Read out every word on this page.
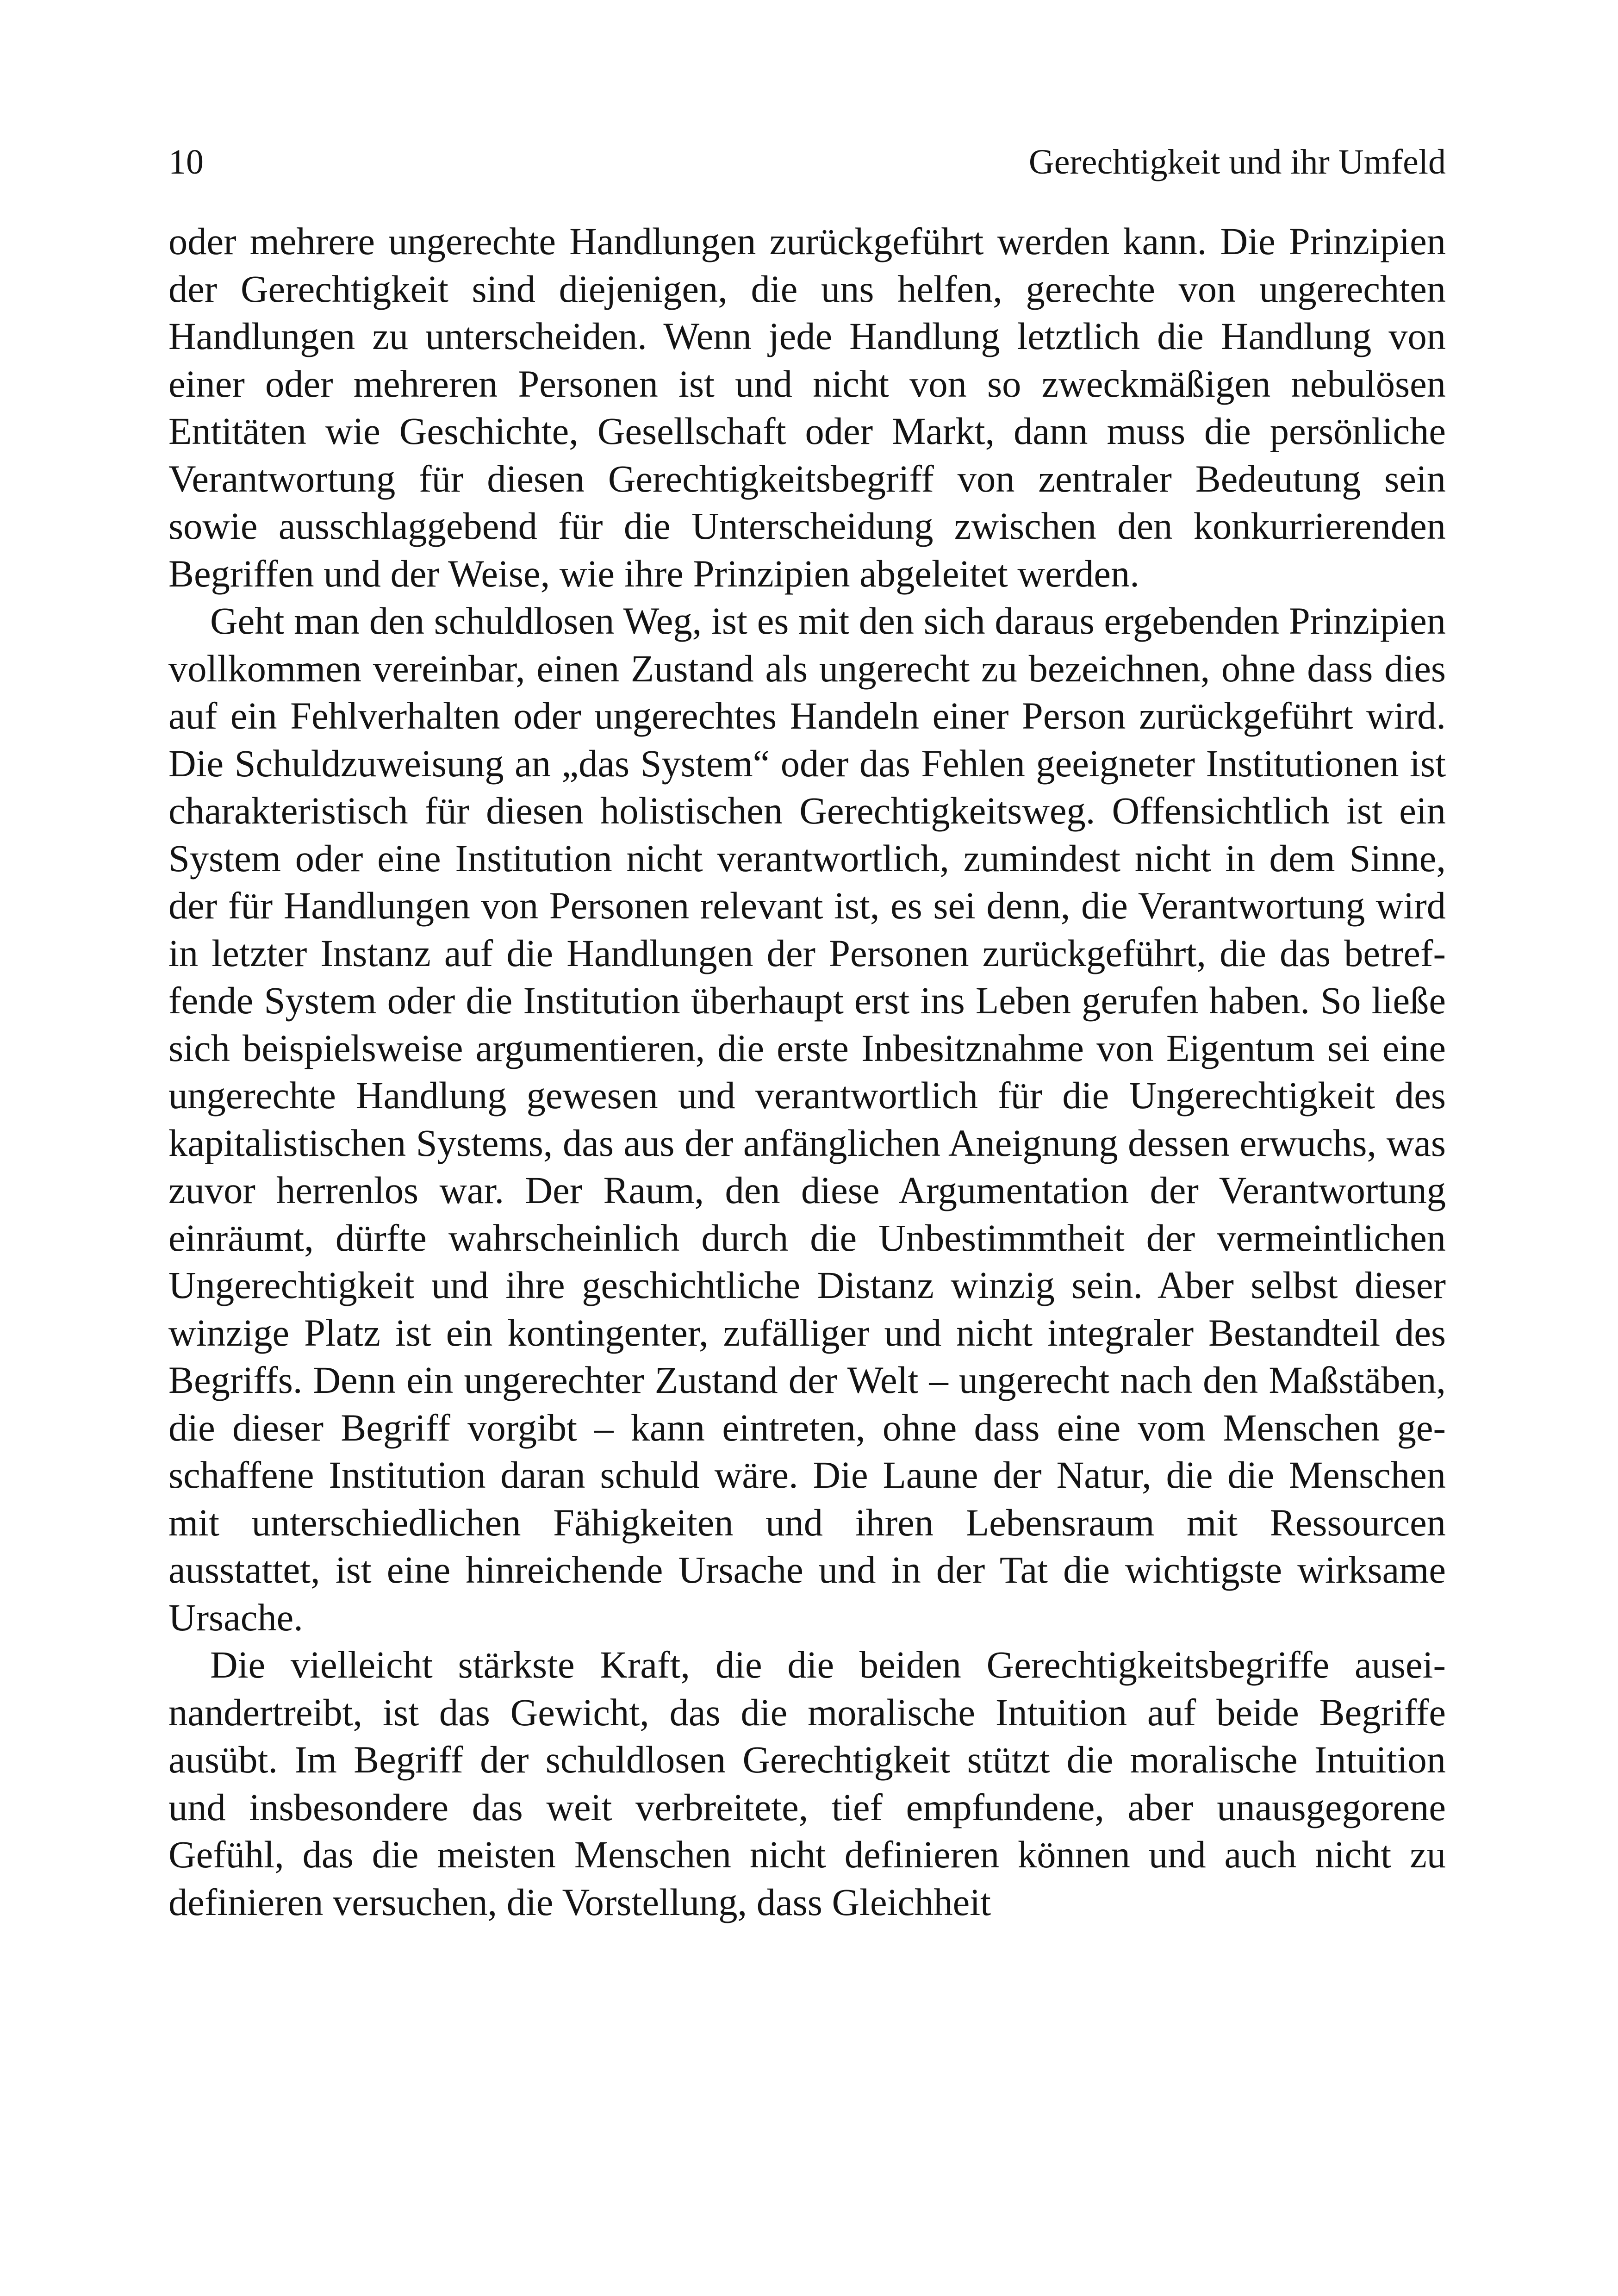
10	Gerechtigkeit und ihr Umfeld

oder mehrere ungerechte Handlungen zurückgeführt werden kann. Die Prinzipien der Gerechtigkeit sind diejenigen, die uns helfen, gerechte von ungerechten Handlungen zu unterscheiden. Wenn jede Handlung letztlich die Handlung von einer oder mehreren Personen ist und nicht von so zweckmäßigen nebulösen Entitäten wie Geschichte, Gesellschaft oder Markt, dann muss die persönliche Verantwortung für diesen Gerechtigkeitsbegriff von zentraler Bedeutung sein sowie ausschlaggebend für die Unterscheidung zwischen den konkurrierenden Begriffen und der Weise, wie ihre Prinzipien abgeleitet werden.

Geht man den schuldlosen Weg, ist es mit den sich daraus ergebenden Prinzipien vollkommen vereinbar, einen Zustand als ungerecht zu bezeichnen, ohne dass dies auf ein Fehlverhalten oder ungerechtes Handeln einer Person zurückgeführt wird. Die Schuldzuweisung an „das System“ oder das Fehlen geeigneter Institutionen ist charakteristisch für diesen holistischen Gerechtigkeitsweg. Offensichtlich ist ein System oder eine Institution nicht verantwortlich, zumindest nicht in dem Sinne, der für Handlungen von Personen relevant ist, es sei denn, die Verantwortung wird in letzter Instanz auf die Handlungen der Personen zurückgeführt, die das betreffende System oder die Institution überhaupt erst ins Leben gerufen haben. So ließe sich beispielsweise argumentieren, die erste Inbesitznahme von Eigentum sei eine ungerechte Handlung gewesen und verantwortlich für die Ungerechtigkeit des kapitalistischen Systems, das aus der anfänglichen Aneignung dessen erwuchs, was zuvor herrenlos war. Der Raum, den diese Argumentation der Verantwortung einräumt, dürfte wahrscheinlich durch die Unbestimmtheit der vermeintlichen Ungerechtigkeit und ihre geschichtliche Distanz winzig sein. Aber selbst dieser winzige Platz ist ein kontingenter, zufälliger und nicht integraler Bestandteil des Begriffs. Denn ein ungerechter Zustand der Welt – ungerecht nach den Maßstäben, die dieser Begriff vorgibt – kann eintreten, ohne dass eine vom Menschen geschaffene Institution daran schuld wäre. Die Laune der Natur, die die Menschen mit unterschiedlichen Fähigkeiten und ihren Lebensraum mit Ressourcen ausstattet, ist eine hinreichende Ursache und in der Tat die wichtigste wirksame Ursache.

Die vielleicht stärkste Kraft, die die beiden Gerechtigkeitsbegriffe auseinandertreibt, ist das Gewicht, das die moralische Intuition auf beide Begriffe ausübt. Im Begriff der schuldlosen Gerechtigkeit stützt die moralische Intuition und insbesondere das weit verbreitete, tief empfundene, aber unausgegorene Gefühl, das die meisten Menschen nicht definieren können und auch nicht zu definieren versuchen, die Vorstellung, dass Gleichheit
